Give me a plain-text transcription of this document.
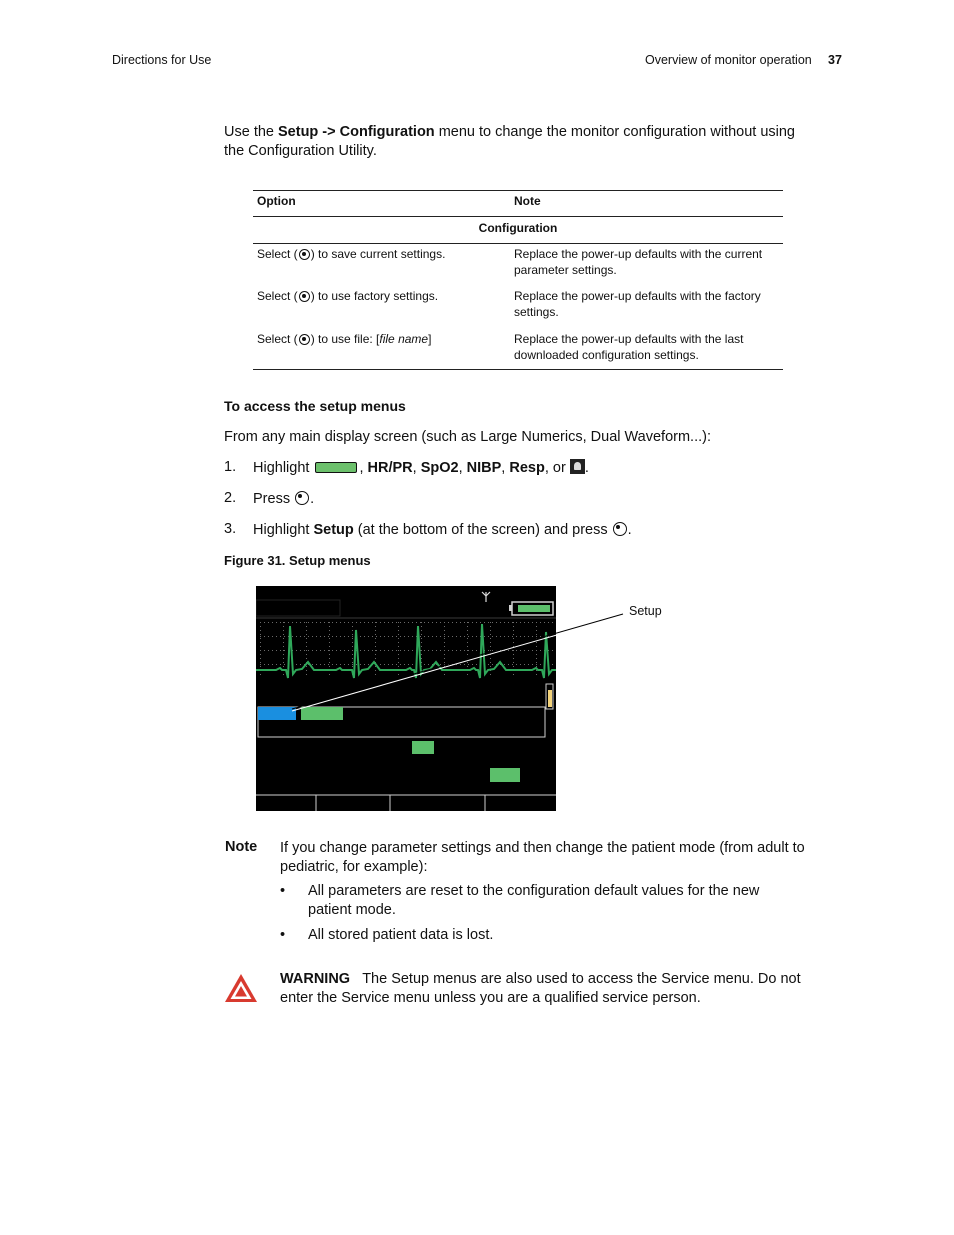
Directions for Use	Overview of monitor operation 37
Use the Setup -> Configuration menu to change the monitor configuration without using
the Configuration Utility.
Option	Note
Configuration
Select ( ) to save current settings.	Replace the power-up defaults with the current
parameter settings.
Select ( ) to use factory settings.	Replace the power-up defaults with the factory
settings.
Select ( ) to use file: [file name]	Replace the power-up defaults with the last
downloaded configuration settings.
To access the setup menus
From any main display screen (such as Large Numerics, Dual Waveform...):
1. Highlight	, HR/PR, SpO2, NIBP, Resp, or .
2. Press .
3. Highlight Setup (at the bottom of the screen) and press .
Figure 31. Setup menus
Setup
Note If you change parameter settings and then change the patient mode (from adult to
pediatric, for example):
• All parameters are reset to the configuration default values for the new
patient mode.
• All stored patient data is lost.
WARNING The Setup menus are also used to access the Service menu. Do not
enter the Service menu unless you are a qualified service person.
